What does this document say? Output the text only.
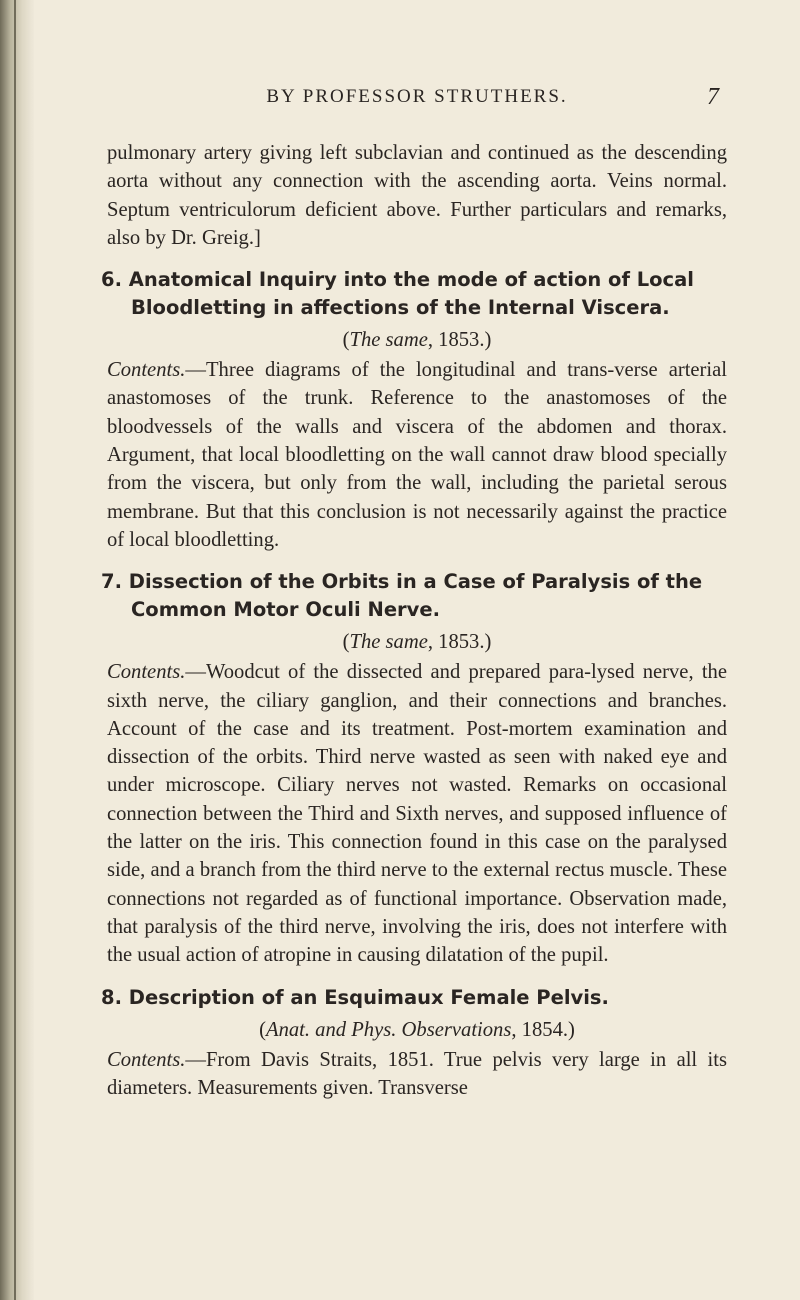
BY PROFESSOR STRUTHERS.	7

pulmonary artery giving left subclavian and continued as the descending aorta without any connection with the ascending aorta. Veins normal. Septum ventriculorum deficient above. Further particulars and remarks, also by Dr. Greig.]

6. Anatomical Inquiry into the mode of action of Local Bloodletting in affections of the Internal Viscera.

(The same, 1853.)

Contents.—Three diagrams of the longitudinal and trans-verse arterial anastomoses of the trunk. Reference to the anastomoses of the bloodvessels of the walls and viscera of the abdomen and thorax. Argument, that local bloodletting on the wall cannot draw blood specially from the viscera, but only from the wall, including the parietal serous membrane. But that this conclusion is not necessarily against the practice of local bloodletting.

7. Dissection of the Orbits in a Case of Paralysis of the Common Motor Oculi Nerve.

(The same, 1853.)

Contents.—Woodcut of the dissected and prepared para-lysed nerve, the sixth nerve, the ciliary ganglion, and their connections and branches. Account of the case and its treatment. Post-mortem examination and dissection of the orbits. Third nerve wasted as seen with naked eye and under microscope. Ciliary nerves not wasted. Remarks on occasional connection between the Third and Sixth nerves, and supposed influence of the latter on the iris. This connection found in this case on the paralysed side, and a branch from the third nerve to the external rectus muscle. These connections not regarded as of functional importance. Observation made, that paralysis of the third nerve, involving the iris, does not interfere with the usual action of atropine in causing dilatation of the pupil.

8. Description of an Esquimaux Female Pelvis.

(Anat. and Phys. Observations, 1854.)

Contents.—From Davis Straits, 1851. True pelvis very large in all its diameters. Measurements given. Transverse
